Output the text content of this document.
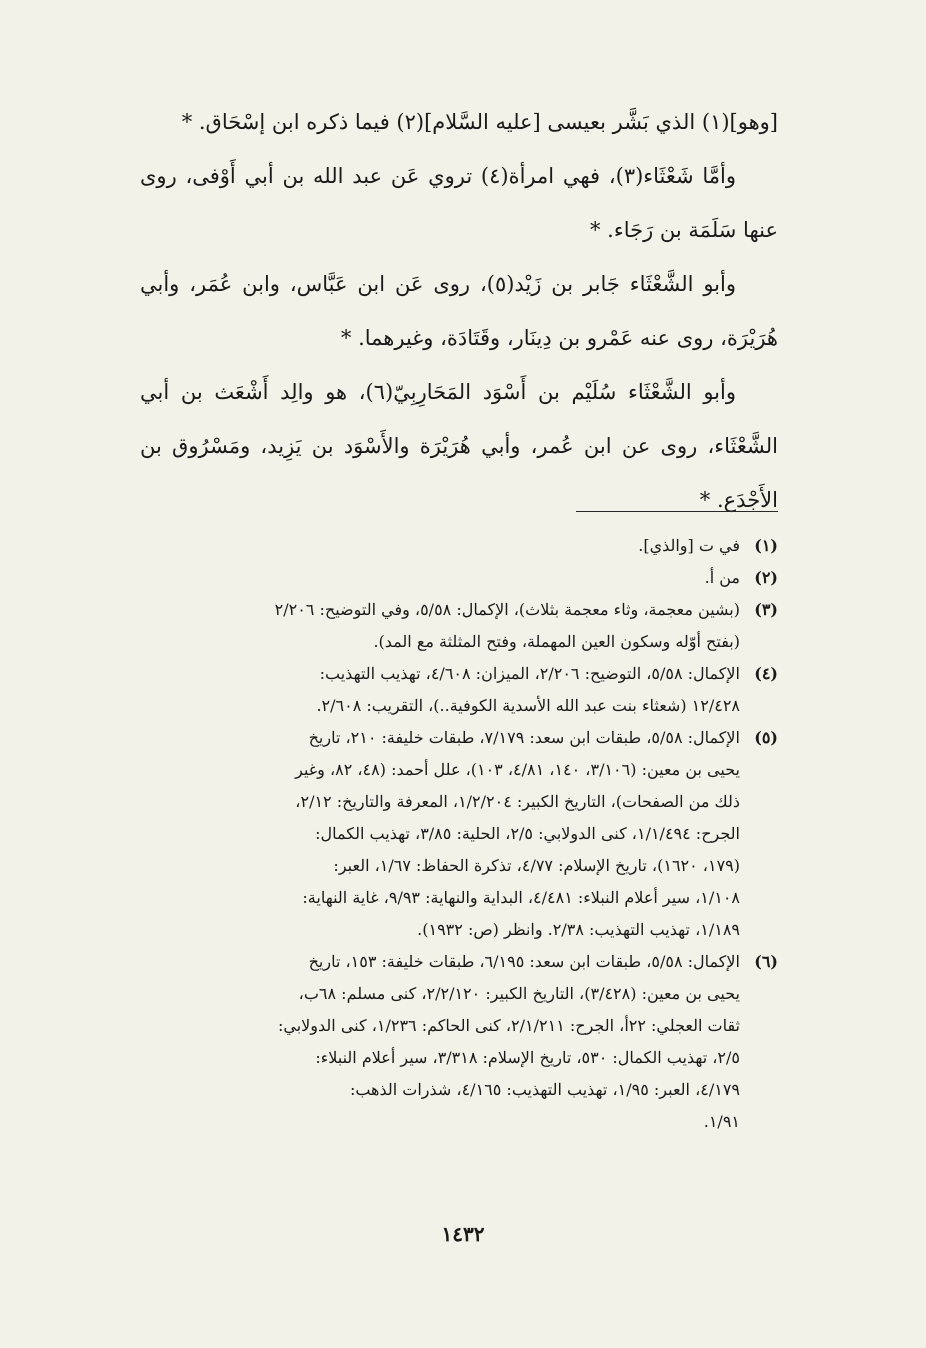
[وهو](١) الذي بَشَّر بعيسى [عليه السَّلام](٢) فيما ذكره ابن إسْحَاق. *

وأمَّا شَعْثَاء(٣)، فهي امرأة(٤) تروي عَن عبد الله بن أبي أَوْفى، روى عنها سَلَمَة بن رَجَاء. *

وأبو الشَّعْثَاء جَابر بن زَيْد(٥)، روى عَن ابن عَبَّاس، وابن عُمَر، وأبي هُرَيْرَة، روى عنه عَمْرو بن دِينَار، وقَتَادَة، وغيرهما. *

وأبو الشَّعْثَاء سُلَيْم بن أَسْوَد المَحَارِبِيّ(٦)، هو والِد أَشْعَث بن أبي الشَّعْثَاء، روى عن ابن عُمر، وأبي هُرَيْرَة والأَسْوَد بن يَزِيد، ومَسْرُوق بن الأَجْدَع. *

(١)
في ت [والذي].
(٢)
من أ.
(٣)
(بشين معجمة، وثاء معجمة بثلاث)، الإكمال: ٥/٥٨، وفي التوضيح: ٢/٢٠٦
(بفتح أوّله وسكون العين المهملة، وفتح المثلثة مع المد).
(٤)
الإكمال: ٥/٥٨، التوضيح: ٢/٢٠٦، الميزان: ٤/٦٠٨، تهذيب التهذيب:
١٢/٤٢٨ (شعثاء بنت عبد الله الأسدية الكوفية..)، التقريب: ٢/٦٠٨.
(٥)
الإكمال: ٥/٥٨، طبقات ابن سعد: ٧/١٧٩، طبقات خليفة: ٢١٠، تاريخ
يحيى بن معين: (٣/١٠٦، ١٤٠، ٤/٨١، ١٠٣)، علل أحمد: (٤٨، ٨٢، وغير
ذلك من الصفحات)، التاريخ الكبير: ١/٢/٢٠٤، المعرفة والتاريخ: ٢/١٢،
الجرح: ١/١/٤٩٤، كنى الدولابي: ٢/٥، الحلية: ٣/٨٥، تهذيب الكمال:
(١٧٩، ١٦٢٠)، تاريخ الإسلام: ٤/٧٧، تذكرة الحفاظ: ١/٦٧، العبر:
١/١٠٨، سير أعلام النبلاء: ٤/٤٨١، البداية والنهاية: ٩/٩٣، غاية النهاية:
١/١٨٩، تهذيب التهذيب: ٢/٣٨. وانظر (ص: ١٩٣٢).
(٦)
الإكمال: ٥/٥٨، طبقات ابن سعد: ٦/١٩٥، طبقات خليفة: ١٥٣، تاريخ
يحيى بن معين: (٣/٤٢٨)، التاريخ الكبير: ٢/٢/١٢٠، كنى مسلم: ٦٨ب،
ثقات العجلي: ٢٢أ، الجرح: ٢/١/٢١١، كنى الحاكم: ١/٢٣٦، كنى الدولابي:
٢/٥، تهذيب الكمال: ٥٣٠، تاريخ الإسلام: ٣/٣١٨، سير أعلام النبلاء:
٤/١٧٩، العبر: ١/٩٥، تهذيب التهذيب: ٤/١٦٥، شذرات الذهب:
١/٩١.
١٤٣٢
